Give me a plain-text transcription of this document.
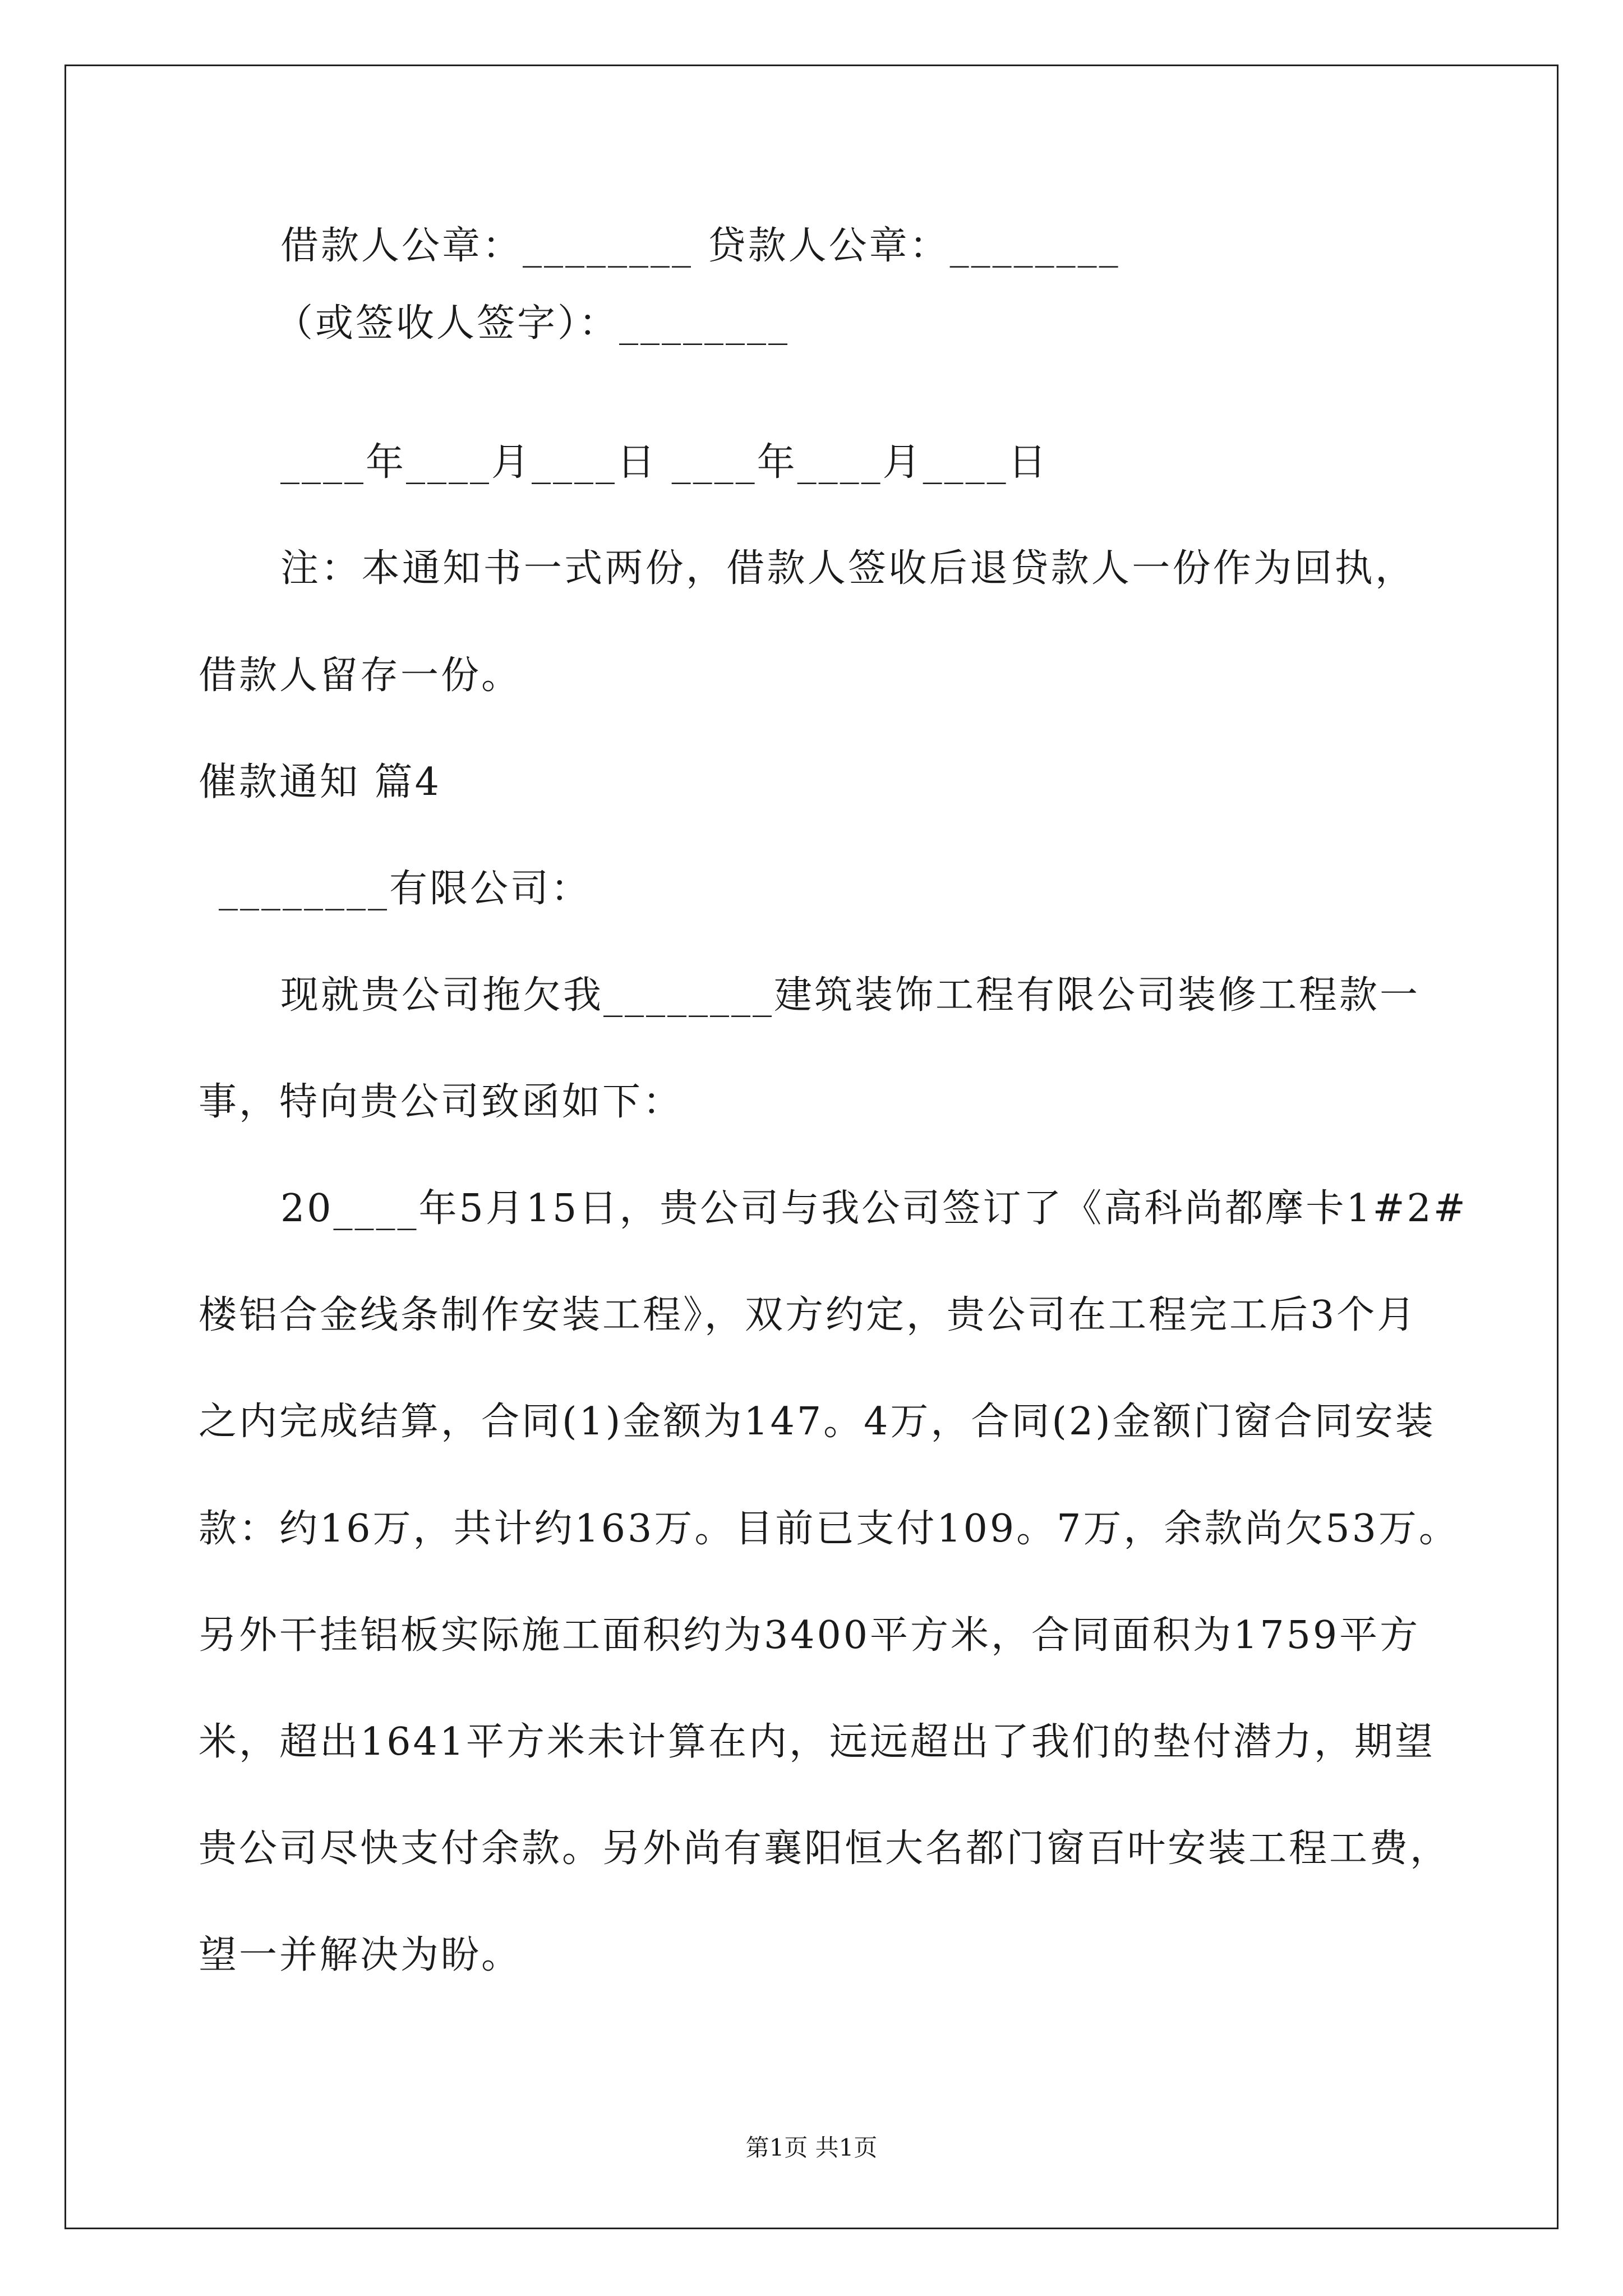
借款人公章：________ 贷款人公章：________
（或签收人签字）：________
____年____月____日 ____年____月____日
注：本通知书一式两份，借款人签收后退贷款人一份作为回执，
借款人留存一份。
催款通知 篇4
________有限公司：
现就贵公司拖欠我________建筑装饰工程有限公司装修工程款一
事，特向贵公司致函如下：
20____年5月15日，贵公司与我公司签订了《高科尚都摩卡1#2#
楼铝合金线条制作安装工程》，双方约定，贵公司在工程完工后3个月
之内完成结算，合同(1)金额为147。4万，合同(2)金额门窗合同安装
款：约16万，共计约163万。目前已支付109。7万，余款尚欠53万。
另外干挂铝板实际施工面积约为3400平方米，合同面积为1759平方
米，超出1641平方米未计算在内，远远超出了我们的垫付潜力，期望
贵公司尽快支付余款。另外尚有襄阳恒大名都门窗百叶安装工程工费，
望一并解决为盼。
第1页 共1页
